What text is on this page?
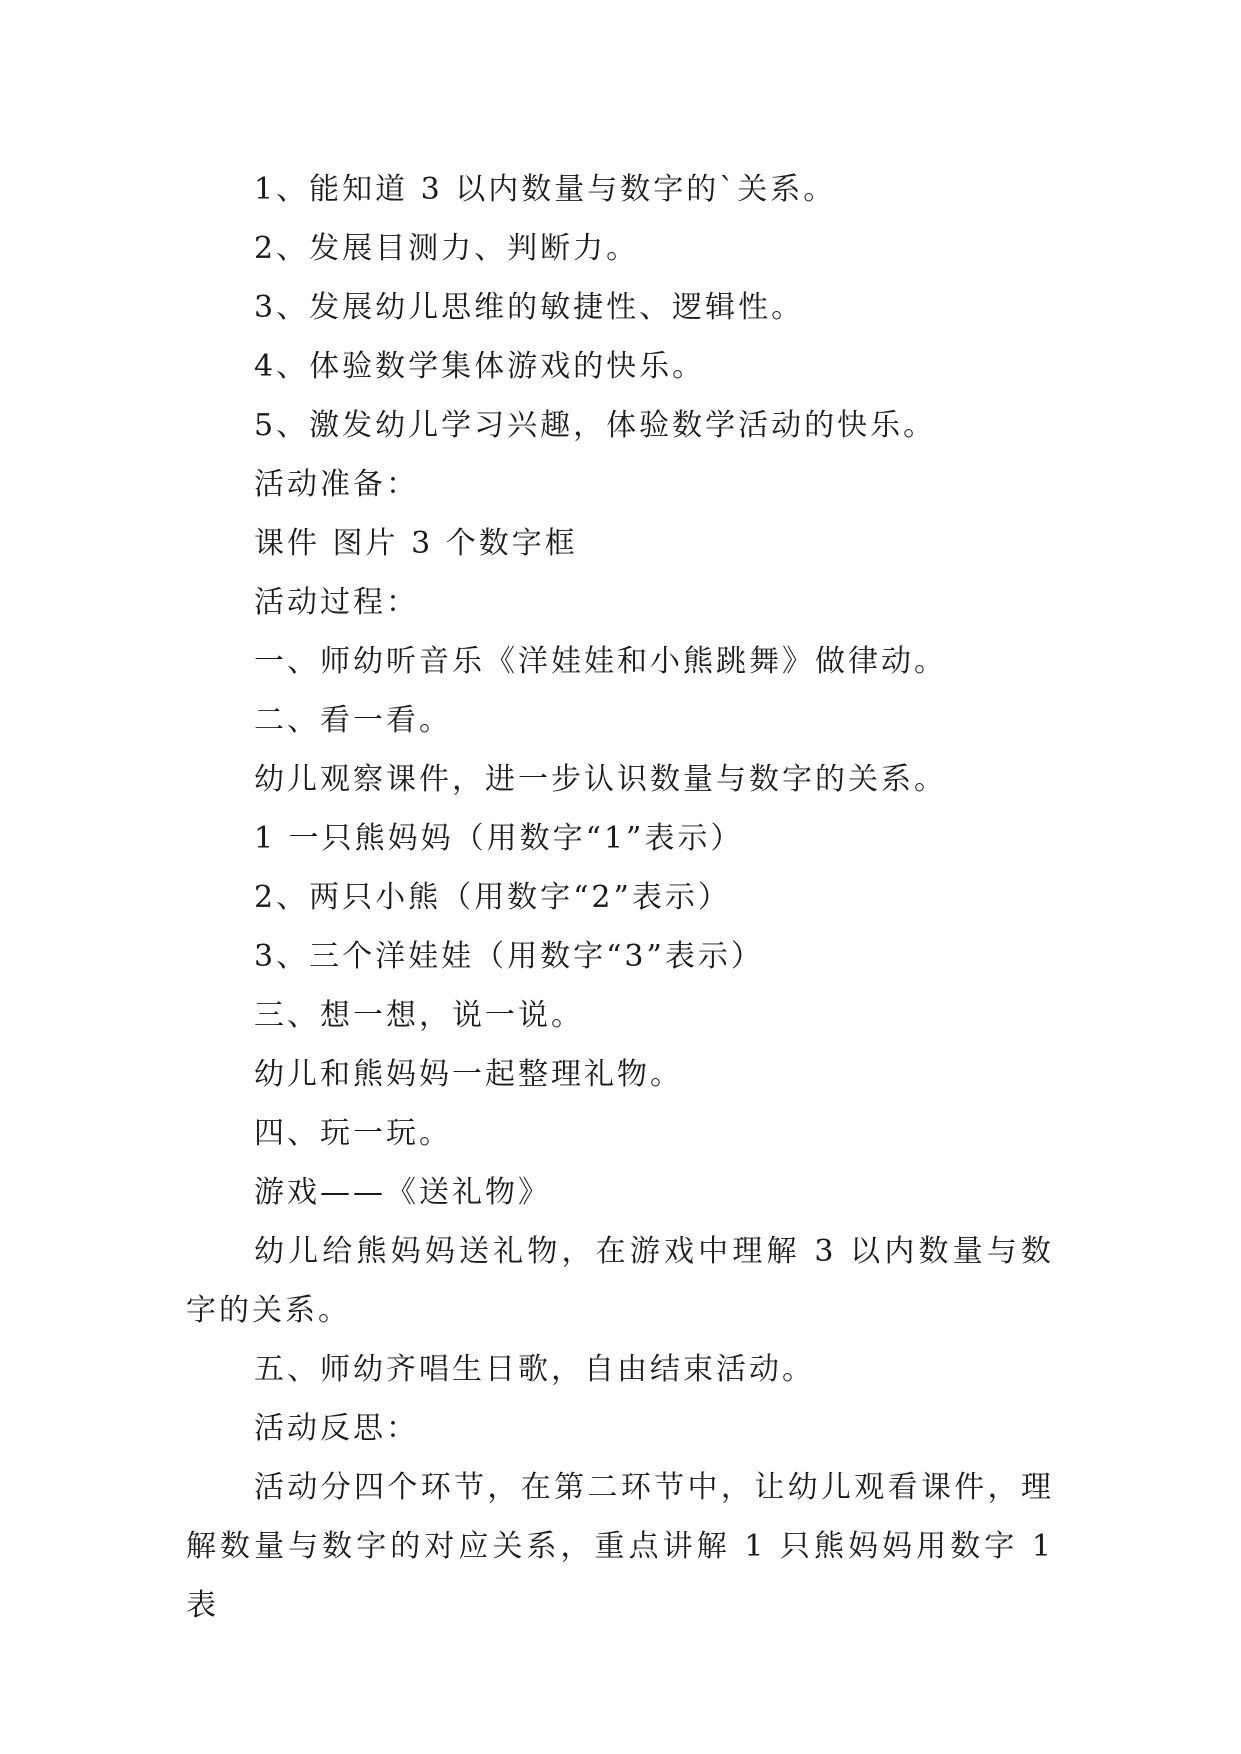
1、能知道 3 以内数量与数字的`关系。

2、发展目测力、判断力。

3、发展幼儿思维的敏捷性、逻辑性。

4、体验数学集体游戏的快乐。

5、激发幼儿学习兴趣，体验数学活动的快乐。

活动准备：

课件 图片 3 个数字框

活动过程：

一、师幼听音乐《洋娃娃和小熊跳舞》做律动。

二、看一看。

幼儿观察课件，进一步认识数量与数字的关系。

1 一只熊妈妈（用数字“1”表示）

2、两只小熊（用数字“2”表示）

3、三个洋娃娃（用数字“3”表示）

三、想一想，说一说。

幼儿和熊妈妈一起整理礼物。

四、玩一玩。

游戏——《送礼物》

幼儿给熊妈妈送礼物，在游戏中理解 3 以内数量与数字的关系。

五、师幼齐唱生日歌，自由结束活动。

活动反思：

活动分四个环节，在第二环节中，让幼儿观看课件，理解数量与数字的对应关系，重点讲解 1 只熊妈妈用数字 1 表
